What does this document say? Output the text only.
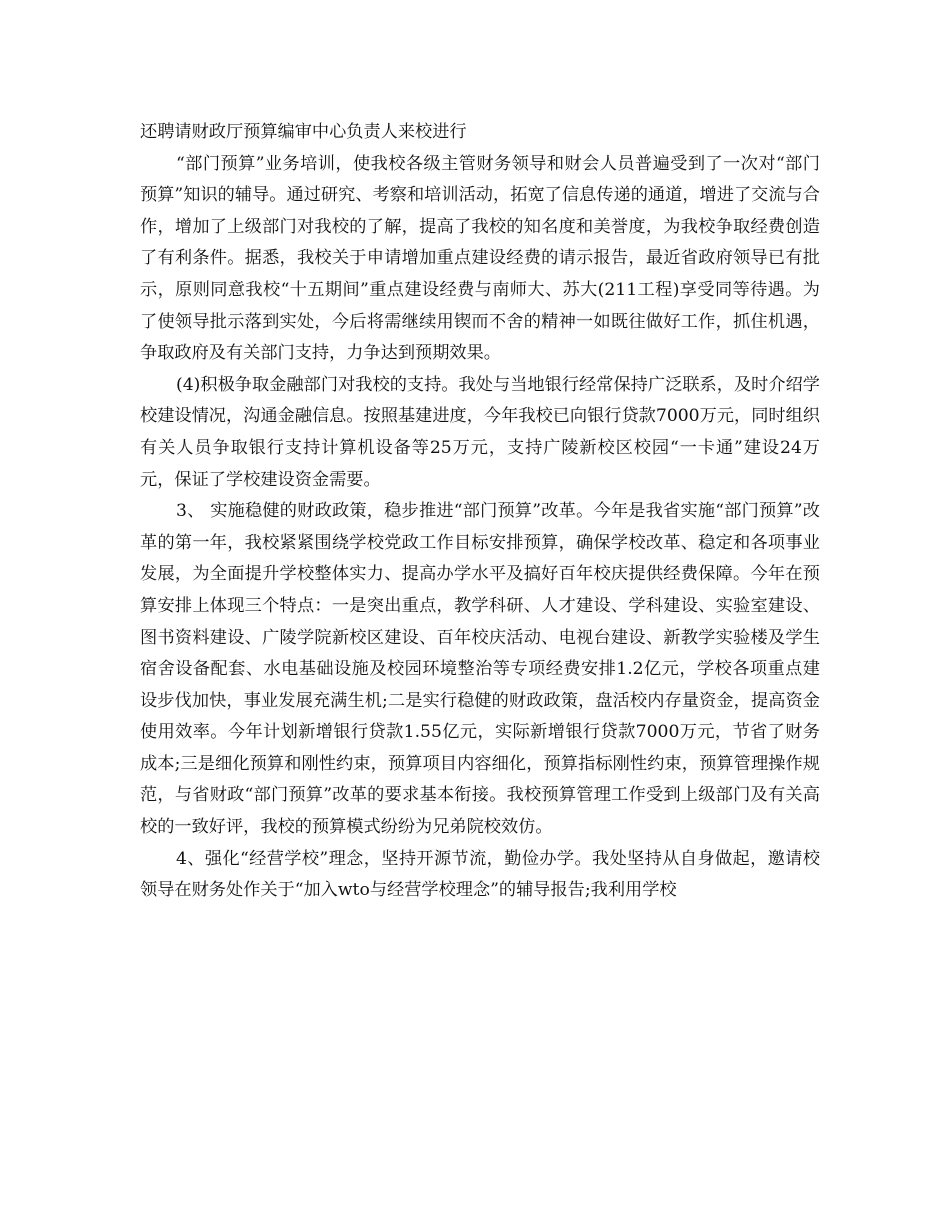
还聘请财政厅预算编审中心负责人来校进行

“部门预算”业务培训，使我校各级主管财务领导和财会人员普遍受到了一次对“部门预算”知识的辅导。通过研究、考察和培训活动，拓宽了信息传递的通道，增进了交流与合作，增加了上级部门对我校的了解，提高了我校的知名度和美誉度，为我校争取经费创造了有利条件。据悉，我校关于申请增加重点建设经费的请示报告，最近省政府领导已有批示，原则同意我校“十五期间”重点建设经费与南师大、苏大(211工程)享受同等待遇。为了使领导批示落到实处，今后将需继续用锲而不舍的精神一如既往做好工作，抓住机遇，争取政府及有关部门支持，力争达到预期效果。

(4)积极争取金融部门对我校的支持。我处与当地银行经常保持广泛联系，及时介绍学校建设情况，沟通金融信息。按照基建进度，今年我校已向银行贷款7000万元，同时组织有关人员争取银行支持计算机设备等25万元，支持广陵新校区校园“一卡通”建设24万元，保证了学校建设资金需要。

3、 实施稳健的财政政策，稳步推进“部门预算”改革。今年是我省实施“部门预算”改革的第一年，我校紧紧围绕学校党政工作目标安排预算，确保学校改革、稳定和各项事业发展，为全面提升学校整体实力、提高办学水平及搞好百年校庆提供经费保障。今年在预算安排上体现三个特点：一是突出重点，教学科研、人才建设、学科建设、实验室建设、图书资料建设、广陵学院新校区建设、百年校庆活动、电视台建设、新教学实验楼及学生宿舍设备配套、水电基础设施及校园环境整治等专项经费安排1.2亿元，学校各项重点建设步伐加快，事业发展充满生机;二是实行稳健的财政政策，盘活校内存量资金，提高资金使用效率。今年计划新增银行贷款1.55亿元，实际新增银行贷款7000万元，节省了财务成本;三是细化预算和刚性约束，预算项目内容细化，预算指标刚性约束，预算管理操作规范，与省财政“部门预算”改革的要求基本衔接。我校预算管理工作受到上级部门及有关高校的一致好评，我校的预算模式纷纷为兄弟院校效仿。

4、强化“经营学校”理念，坚持开源节流，勤俭办学。我处坚持从自身做起，邀请校领导在财务处作关于“加入wto与经营学校理念”的辅导报告;我利用学校
